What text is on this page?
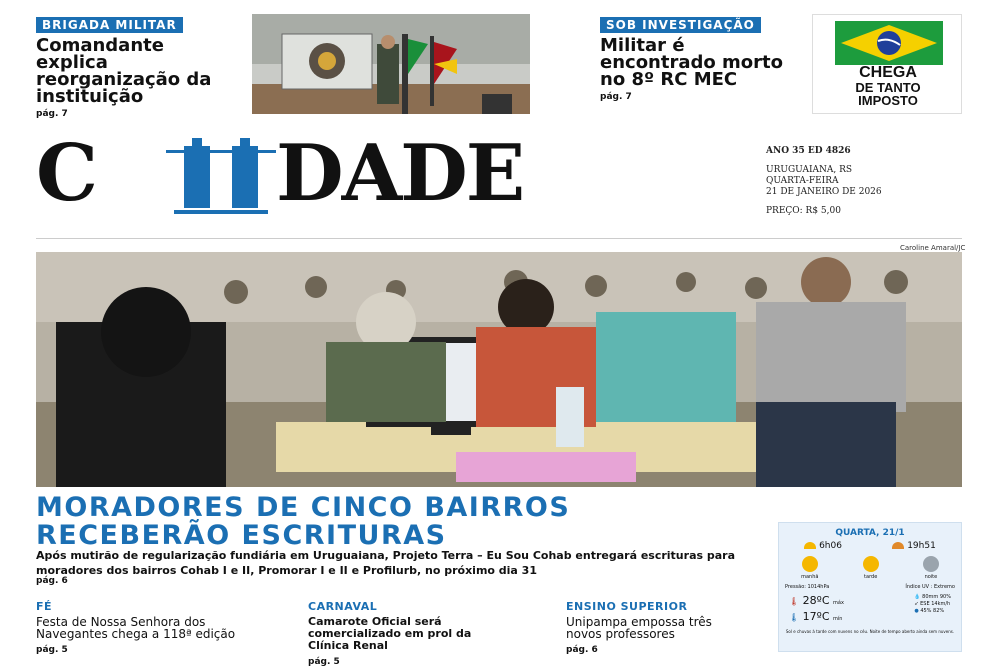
BRIGADA MILITAR
Comandante explica reorganização da instituição
pág. 7
SOB INVESTIGAÇÃO
Militar é encontrado morto no 8º RC MEC
pág. 7
CHEGA
DE TANTO
IMPOSTO
C DADE	ANO 35 ED 4826
URUGUAIANA, RS
QUARTA-FEIRA
21 DE JANEIRO DE 2026
PREÇO: R$ 5,00
Caroline Amaral/JC
MORADORES DE CINCO BAIRROS
RECEBERÃO ESCRITURAS
Após mutirão de regularização fundiária em Uruguaiana, Projeto Terra – Eu Sou Cohab entregará escrituras para moradores dos bairros Cohab I e II, Promorar I e II e Profilurb, no próximo dia 31
pág. 6
FÉ
Festa de Nossa Senhora dos Navegantes chega a 118ª edição
pág. 5
CARNAVAL
Camarote Oficial será comercializado em prol da Clínica Renal
pág. 5
ENSINO SUPERIOR
Unipampa empossa três novos professores
pág. 6
QUARTA, 21/1
6h06	19h51
manhã	tarde	noite
Pressão: 1014hPa	Índice UV : Extremo
🌡 28ºC máx
🌡 17ºC mín
💧 80mm 90%
➶ ESE 14km/h
● 45% 82%
Sol e chuvas à tarde com nuvens no céu. Noite de tempo aberto ainda sem nuvens.
